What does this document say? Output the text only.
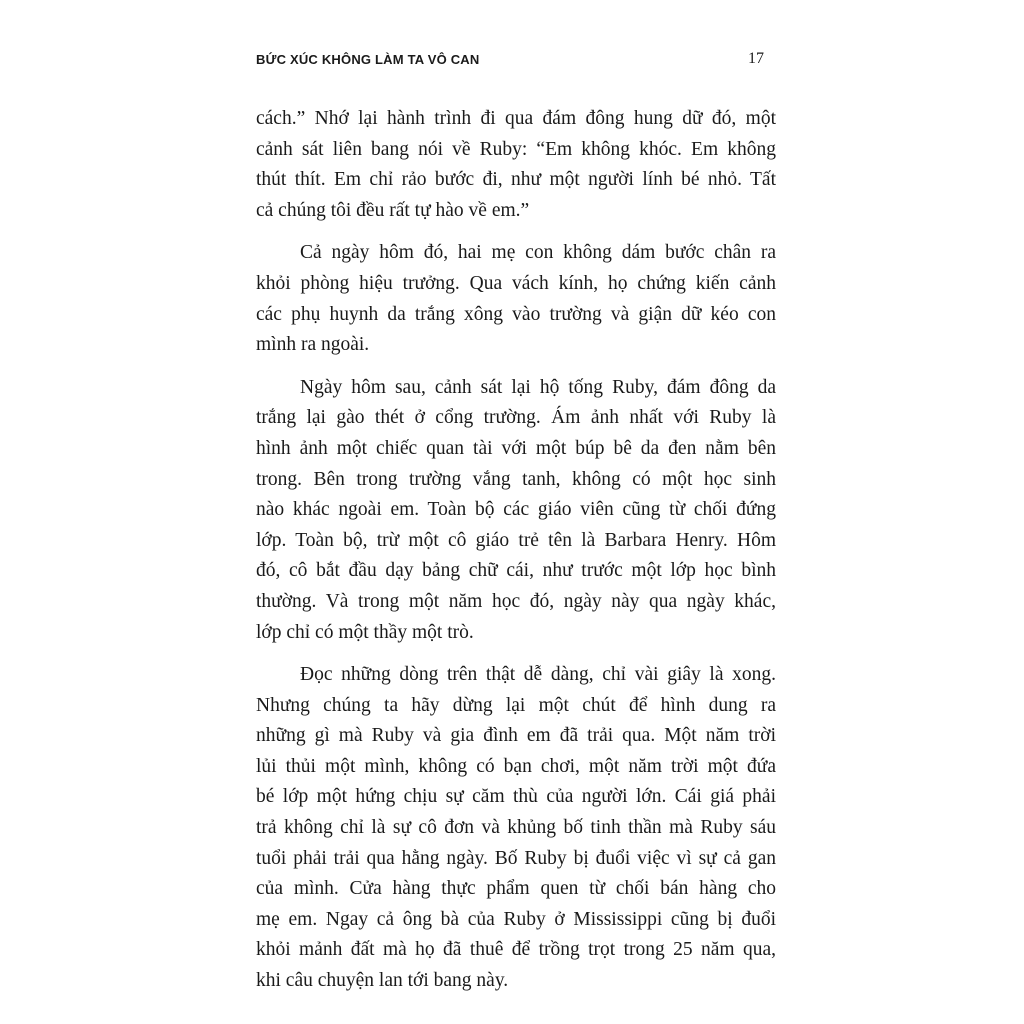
BỨC XÚC KHÔNG LÀM TA VÔ CAN	17

cách.” Nhớ lại hành trình đi qua đám đông hung dữ đó, một
cảnh sát liên bang nói về Ruby: “Em không khóc. Em không
thút thít. Em chỉ rảo bước đi, như một người lính bé nhỏ. Tất
cả chúng tôi đều rất tự hào về em.”

Cả ngày hôm đó, hai mẹ con không dám bước chân ra
khỏi phòng hiệu trưởng. Qua vách kính, họ chứng kiến cảnh
các phụ huynh da trắng xông vào trường và giận dữ kéo con
mình ra ngoài.

Ngày hôm sau, cảnh sát lại hộ tống Ruby, đám đông da
trắng lại gào thét ở cổng trường. Ám ảnh nhất với Ruby là
hình ảnh một chiếc quan tài với một búp bê da đen nằm bên
trong. Bên trong trường vắng tanh, không có một học sinh
nào khác ngoài em. Toàn bộ các giáo viên cũng từ chối đứng
lớp. Toàn bộ, trừ một cô giáo trẻ tên là Barbara Henry. Hôm
đó, cô bắt đầu dạy bảng chữ cái, như trước một lớp học bình
thường. Và trong một năm học đó, ngày này qua ngày khác,
lớp chỉ có một thầy một trò.

Đọc những dòng trên thật dễ dàng, chỉ vài giây là xong.
Nhưng chúng ta hãy dừng lại một chút để hình dung ra
những gì mà Ruby và gia đình em đã trải qua. Một năm trời
lủi thủi một mình, không có bạn chơi, một năm trời một đứa
bé lớp một hứng chịu sự căm thù của người lớn. Cái giá phải
trả không chỉ là sự cô đơn và khủng bố tinh thần mà Ruby sáu
tuổi phải trải qua hằng ngày. Bố Ruby bị đuổi việc vì sự cả gan
của mình. Cửa hàng thực phẩm quen từ chối bán hàng cho
mẹ em. Ngay cả ông bà của Ruby ở Mississippi cũng bị đuổi
khỏi mảnh đất mà họ đã thuê để trồng trọt trong 25 năm qua,
khi câu chuyện lan tới bang này.
